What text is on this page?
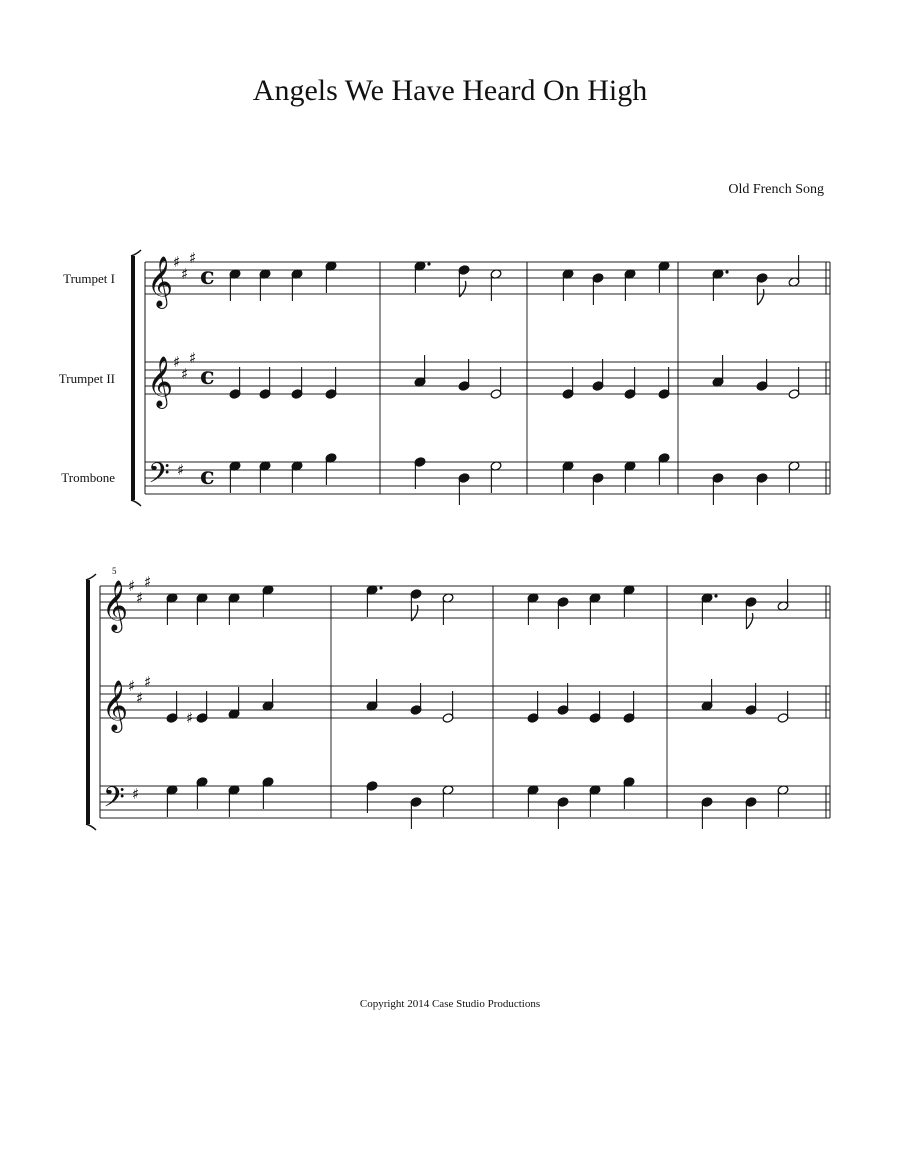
Angels We Have Heard On High
Old French Song
Trumpet I
Trumpet II
Trombone
5
Copyright 2014 Case Studio Productions
𝄞 ♯
♯
♯
c
𝄞 ♯
♯
♯
c
𝄢 ♯ c
𝄞 ♯
♯
♯
𝄞 ♯
♯
♯
♯
𝄢 ♯
